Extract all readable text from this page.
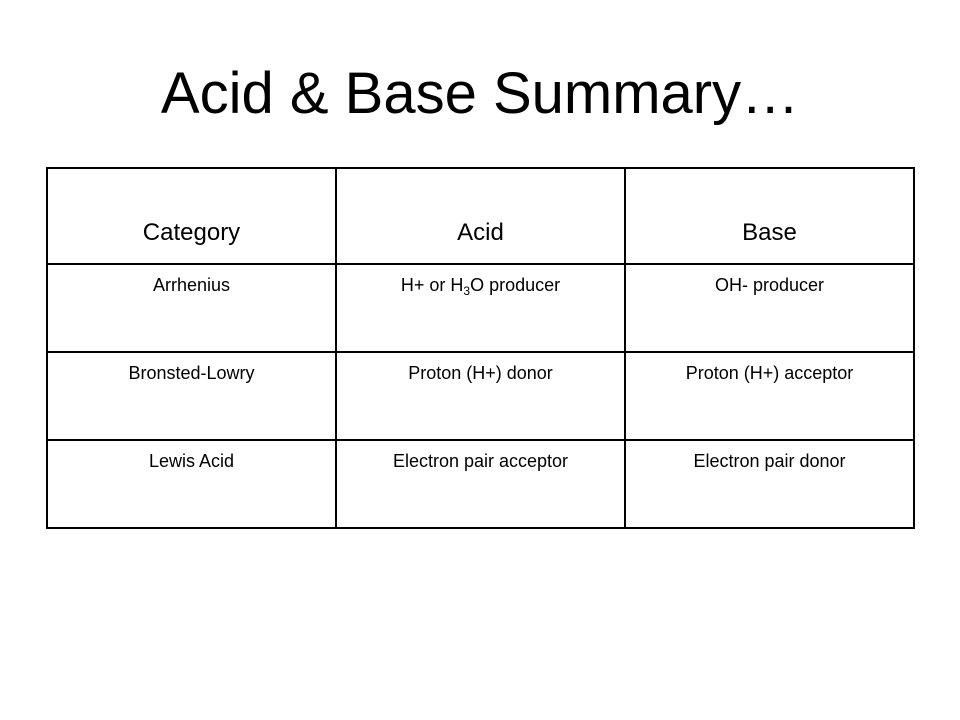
Acid & Base Summary…
Category	Acid	Base
Arrhenius	H+ or $H_3O$ producer	OH- producer
Bronsted-Lowry	Proton (H+) donor	Proton (H+) acceptor
Lewis Acid	Electron pair acceptor	Electron pair donor
